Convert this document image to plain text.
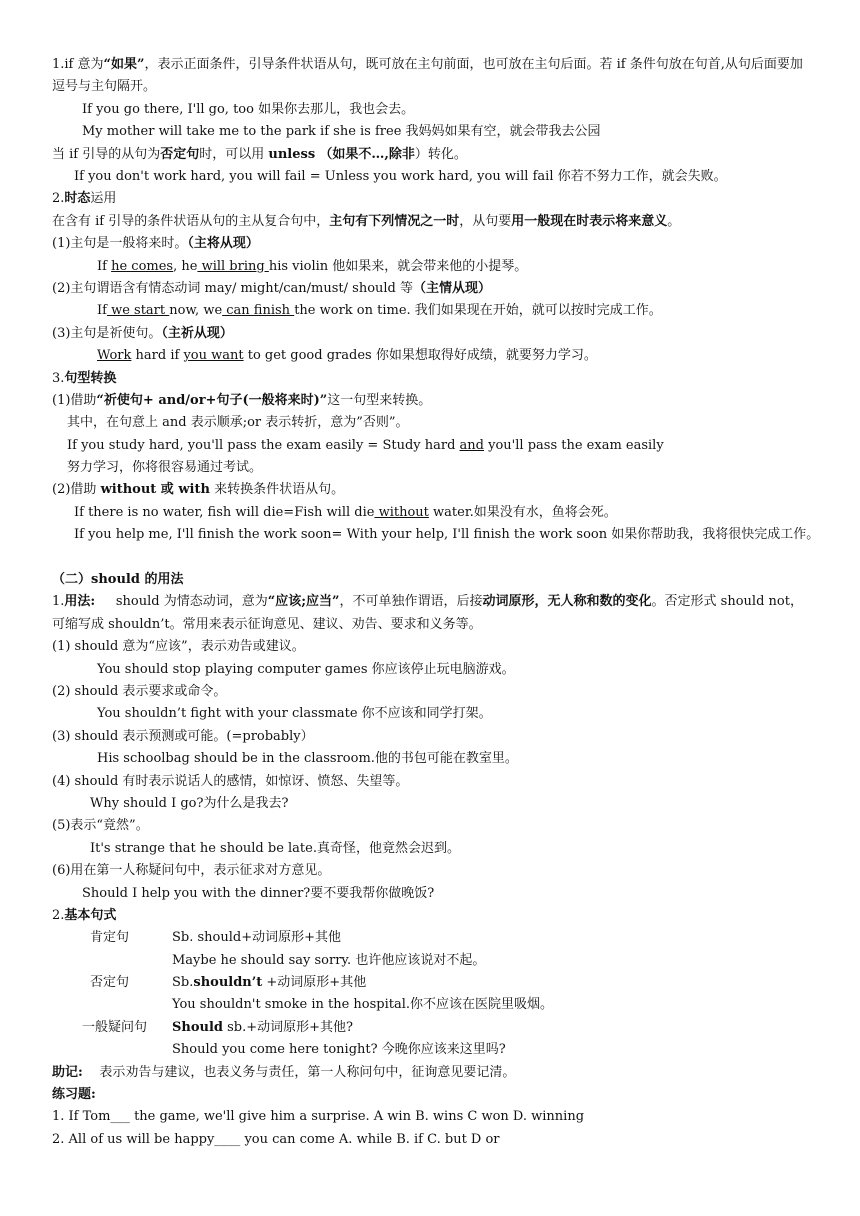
1.if 意为“如果”，表示正面条件，引导条件状语从句，既可放在主句前面，也可放在主句后面。若 if 条件句放在句首,从句后面要加逗号与主句隔开。
If you go there, I'll go, too 如果你去那儿，我也会去。
My mother will take me to the park if she is free 我妈妈如果有空，就会带我去公园
当 if 引导的从句为否定句时，可以用 unless （如果不…,除非）转化。
If you don't work hard, you will fail = Unless you work hard, you will fail 你若不努力工作，就会失败。
2.时态运用
在含有 if 引导的条件状语从句的主从复合句中，主句有下列情况之一时，从句要用一般现在时表示将来意义。
(1)主句是一般将来时。（主将从现）
If he comes, he will bring his violin 他如果来，就会带来他的小提琴。
(2)主句谓语含有情态动词 may/ might/can/must/ should 等（主情从现）
If we start now, we can finish the work on time. 我们如果现在开始，就可以按时完成工作。
(3)主句是祈使句。（主祈从现）
Work hard if you want to get good grades 你如果想取得好成绩，就要努力学习。
3.句型转换
(1)借助“祈使句+ and/or+句子(一般将来时)”这一句型来转换。
其中，在句意上 and 表示顺承;or 表示转折，意为”否则”。
If you study hard, you'll pass the exam easily = Study hard and you'll pass the exam easily
努力学习，你将很容易通过考试。
(2)借助 without 或 with 来转换条件状语从句。
If there is no water, fish will die=Fish will die without water.如果没有水，鱼将会死。
If you help me, I'll finish the work soon= With your help, I'll finish the work soon 如果你帮助我，我将很快完成工作。
（二）should 的用法
1.用法: should 为情态动词，意为“应该;应当”，不可单独作谓语，后接动词原形，无人称和数的变化。否定形式 should not，可缩写成 shouldn’t。常用来表示征询意见、建议、劝告、要求和义务等。
(1) should 意为“应该”，表示劝告或建议。
You should stop playing computer games 你应该停止玩电脑游戏。
(2) should 表示要求或命令。
You shouldn’t fight with your classmate 你不应该和同学打架。
(3) should 表示预测或可能。(=probably）
His schoolbag should be in the classroom.他的书包可能在教室里。
(4) should 有时表示说话人的感情，如惊讶、愤怒、失望等。
Why should I go?为什么是我去?
(5)表示“竟然”。
It's strange that he should be late.真奇怪，他竟然会迟到。
(6)用在第一人称疑问句中，表示征求对方意见。
Should I help you with the dinner?要不要我帮你做晚饭?
2.基本句式
肯定句	Sb. should+动词原形+其他
Maybe he should say sorry. 也许他应该说对不起。
否定句	Sb.shouldn’t +动词原形+其他
You shouldn't smoke in the hospital.你不应该在医院里吸烟。
一般疑问句 Should sb.+动词原形+其他?
Should you come here tonight? 今晚你应该来这里吗?
助记: 表示劝告与建议，也表义务与责任，第一人称问句中，征询意见要记清。
练习题:
1. If Tom___ the game, we'll give him a surprise. A win B. wins C won D. winning
2. All of us will be happy____ you can come A. while B. if C. but D or
